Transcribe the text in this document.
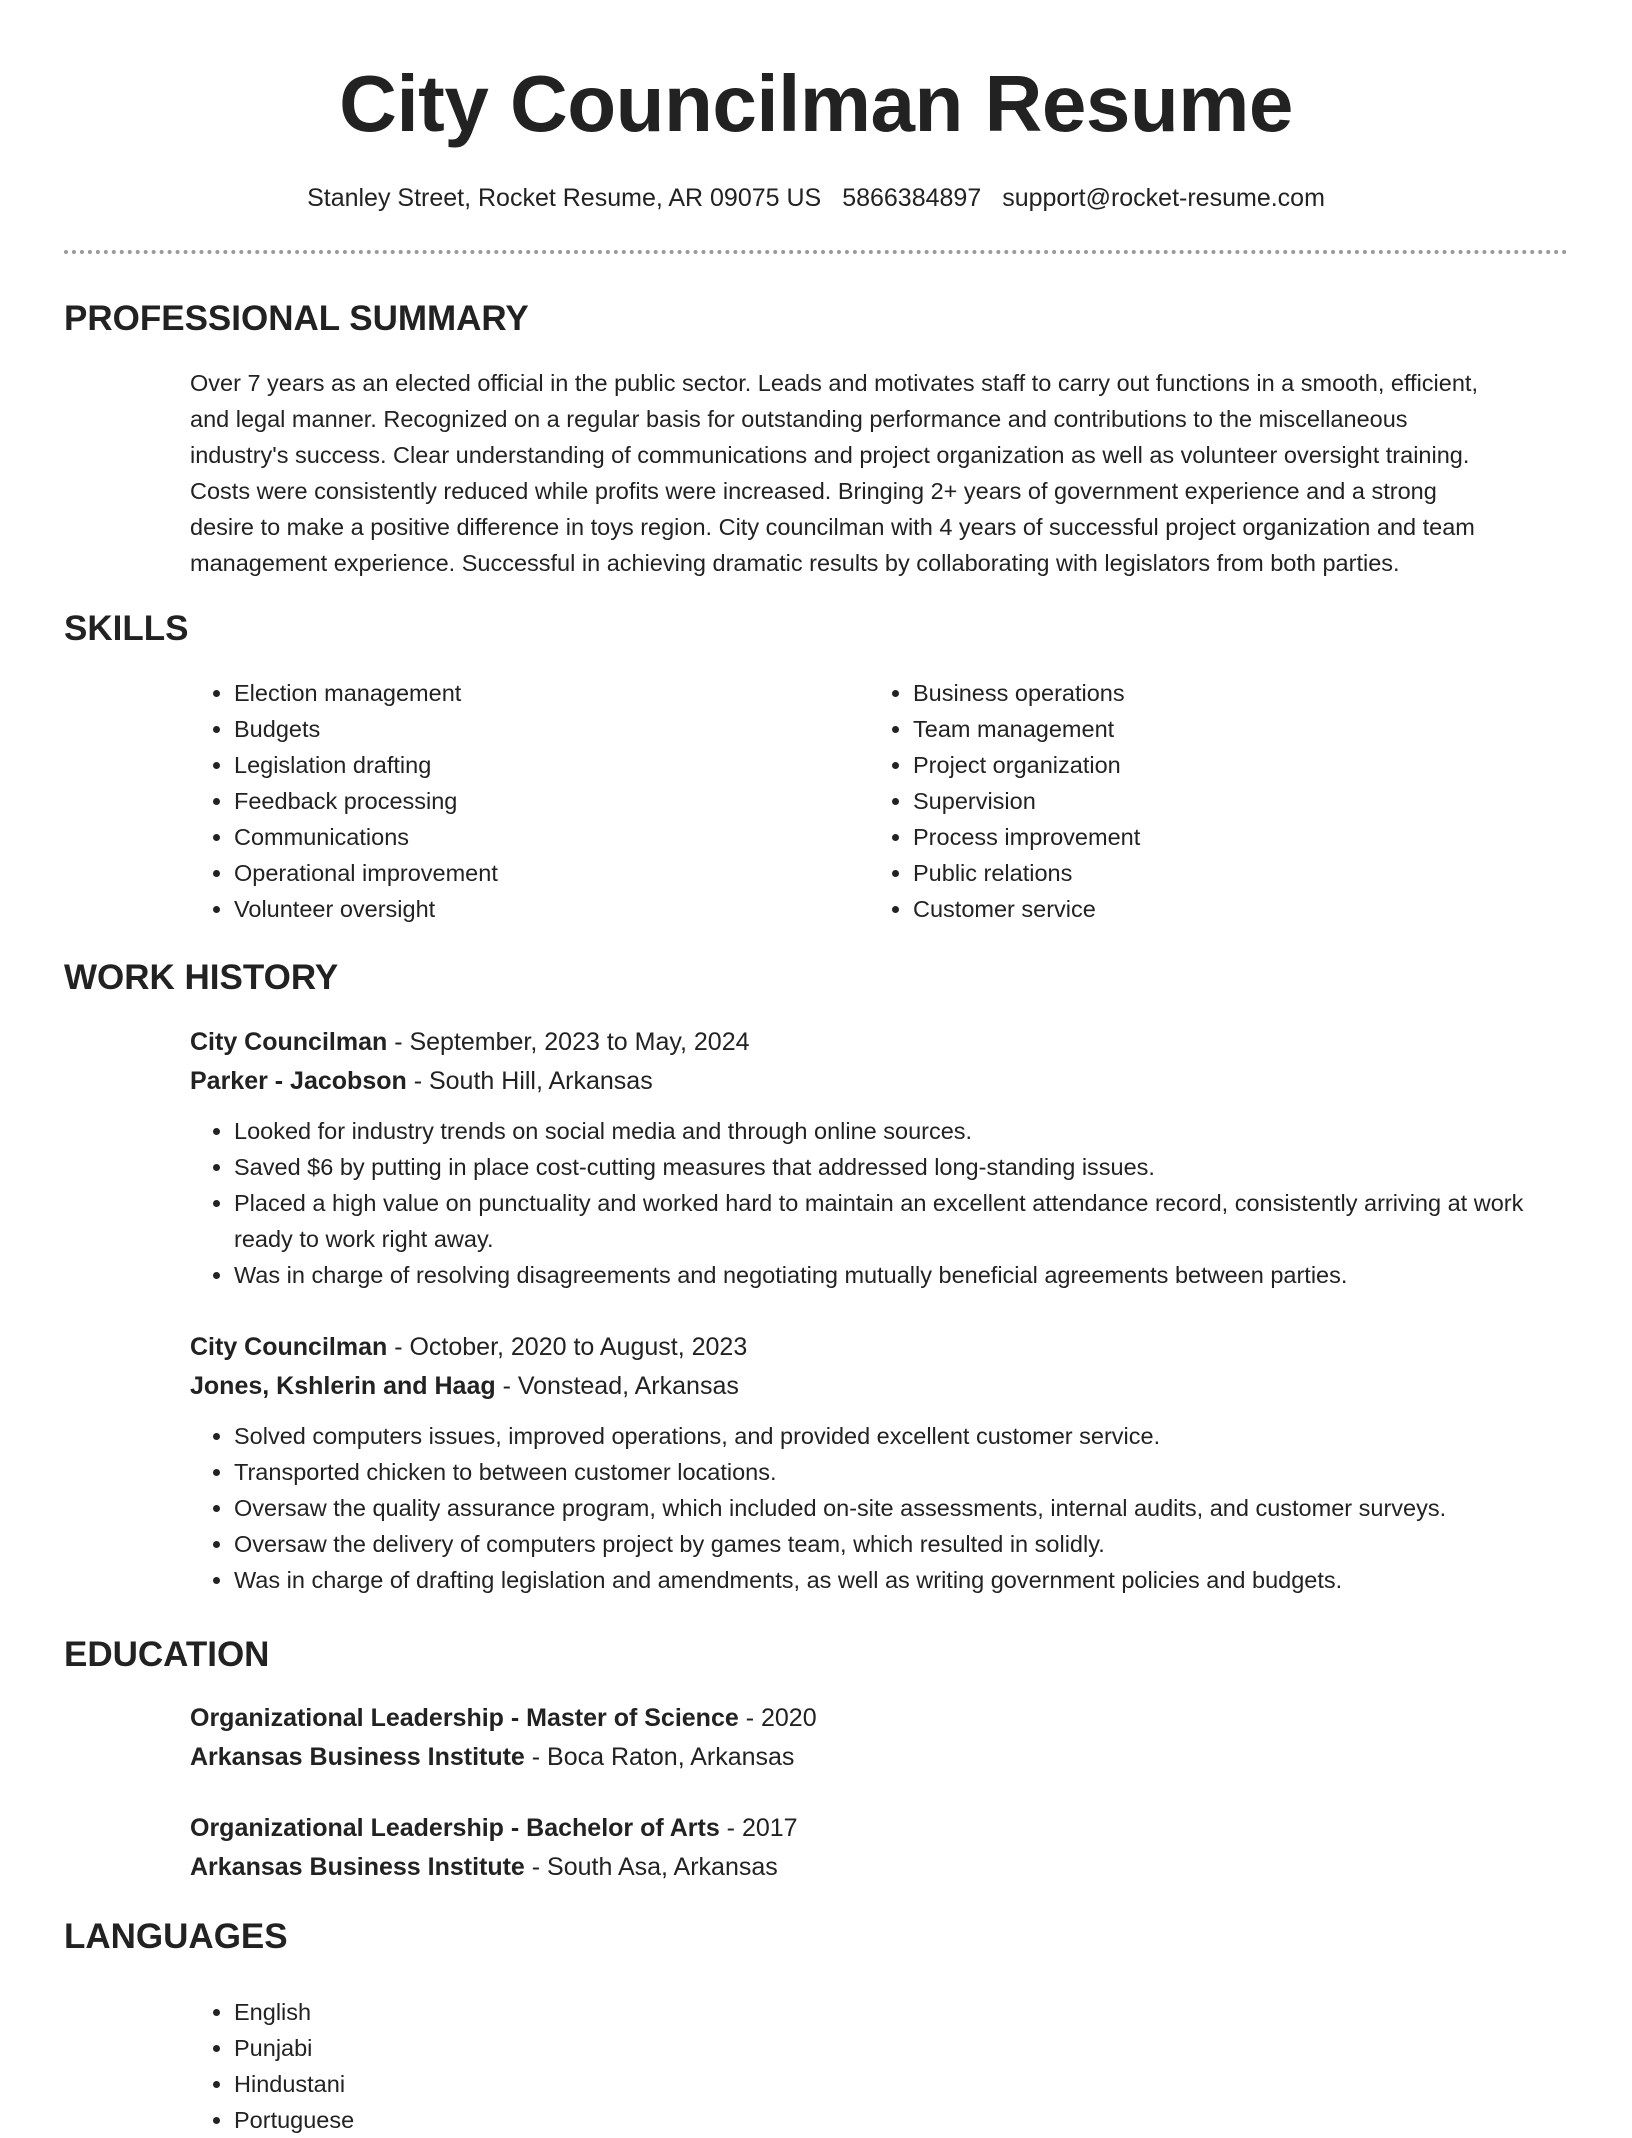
City Councilman Resume
Stanley Street, Rocket Resume, AR 09075 US 5866384897 support@rocket-resume.com
PROFESSIONAL SUMMARY
Over 7 years as an elected official in the public sector. Leads and motivates staff to carry out functions in a smooth, efficient,
and legal manner. Recognized on a regular basis for outstanding performance and contributions to the miscellaneous
industry's success. Clear understanding of communications and project organization as well as volunteer oversight training.
Costs were consistently reduced while profits were increased. Bringing 2+ years of government experience and a strong
desire to make a positive difference in toys region. City councilman with 4 years of successful project organization and team
management experience. Successful in achieving dramatic results by collaborating with legislators from both parties.
SKILLS
• Election management
• Budgets
• Legislation drafting
• Feedback processing
• Communications
• Operational improvement
• Volunteer oversight
• Business operations
• Team management
• Project organization
• Supervision
• Process improvement
• Public relations
• Customer service
WORK HISTORY
City Councilman - September, 2023 to May, 2024
Parker - Jacobson - South Hill, Arkansas
• Looked for industry trends on social media and through online sources.
• Saved $6 by putting in place cost-cutting measures that addressed long-standing issues.
• Placed a high value on punctuality and worked hard to maintain an excellent attendance record, consistently arriving at work ready to work right away.
• Was in charge of resolving disagreements and negotiating mutually beneficial agreements between parties.
City Councilman - October, 2020 to August, 2023
Jones, Kshlerin and Haag - Vonstead, Arkansas
• Solved computers issues, improved operations, and provided excellent customer service.
• Transported chicken to between customer locations.
• Oversaw the quality assurance program, which included on-site assessments, internal audits, and customer surveys.
• Oversaw the delivery of computers project by games team, which resulted in solidly.
• Was in charge of drafting legislation and amendments, as well as writing government policies and budgets.
EDUCATION
Organizational Leadership - Master of Science - 2020
Arkansas Business Institute - Boca Raton, Arkansas
Organizational Leadership - Bachelor of Arts - 2017
Arkansas Business Institute - South Asa, Arkansas
LANGUAGES
• English
• Punjabi
• Hindustani
• Portuguese
